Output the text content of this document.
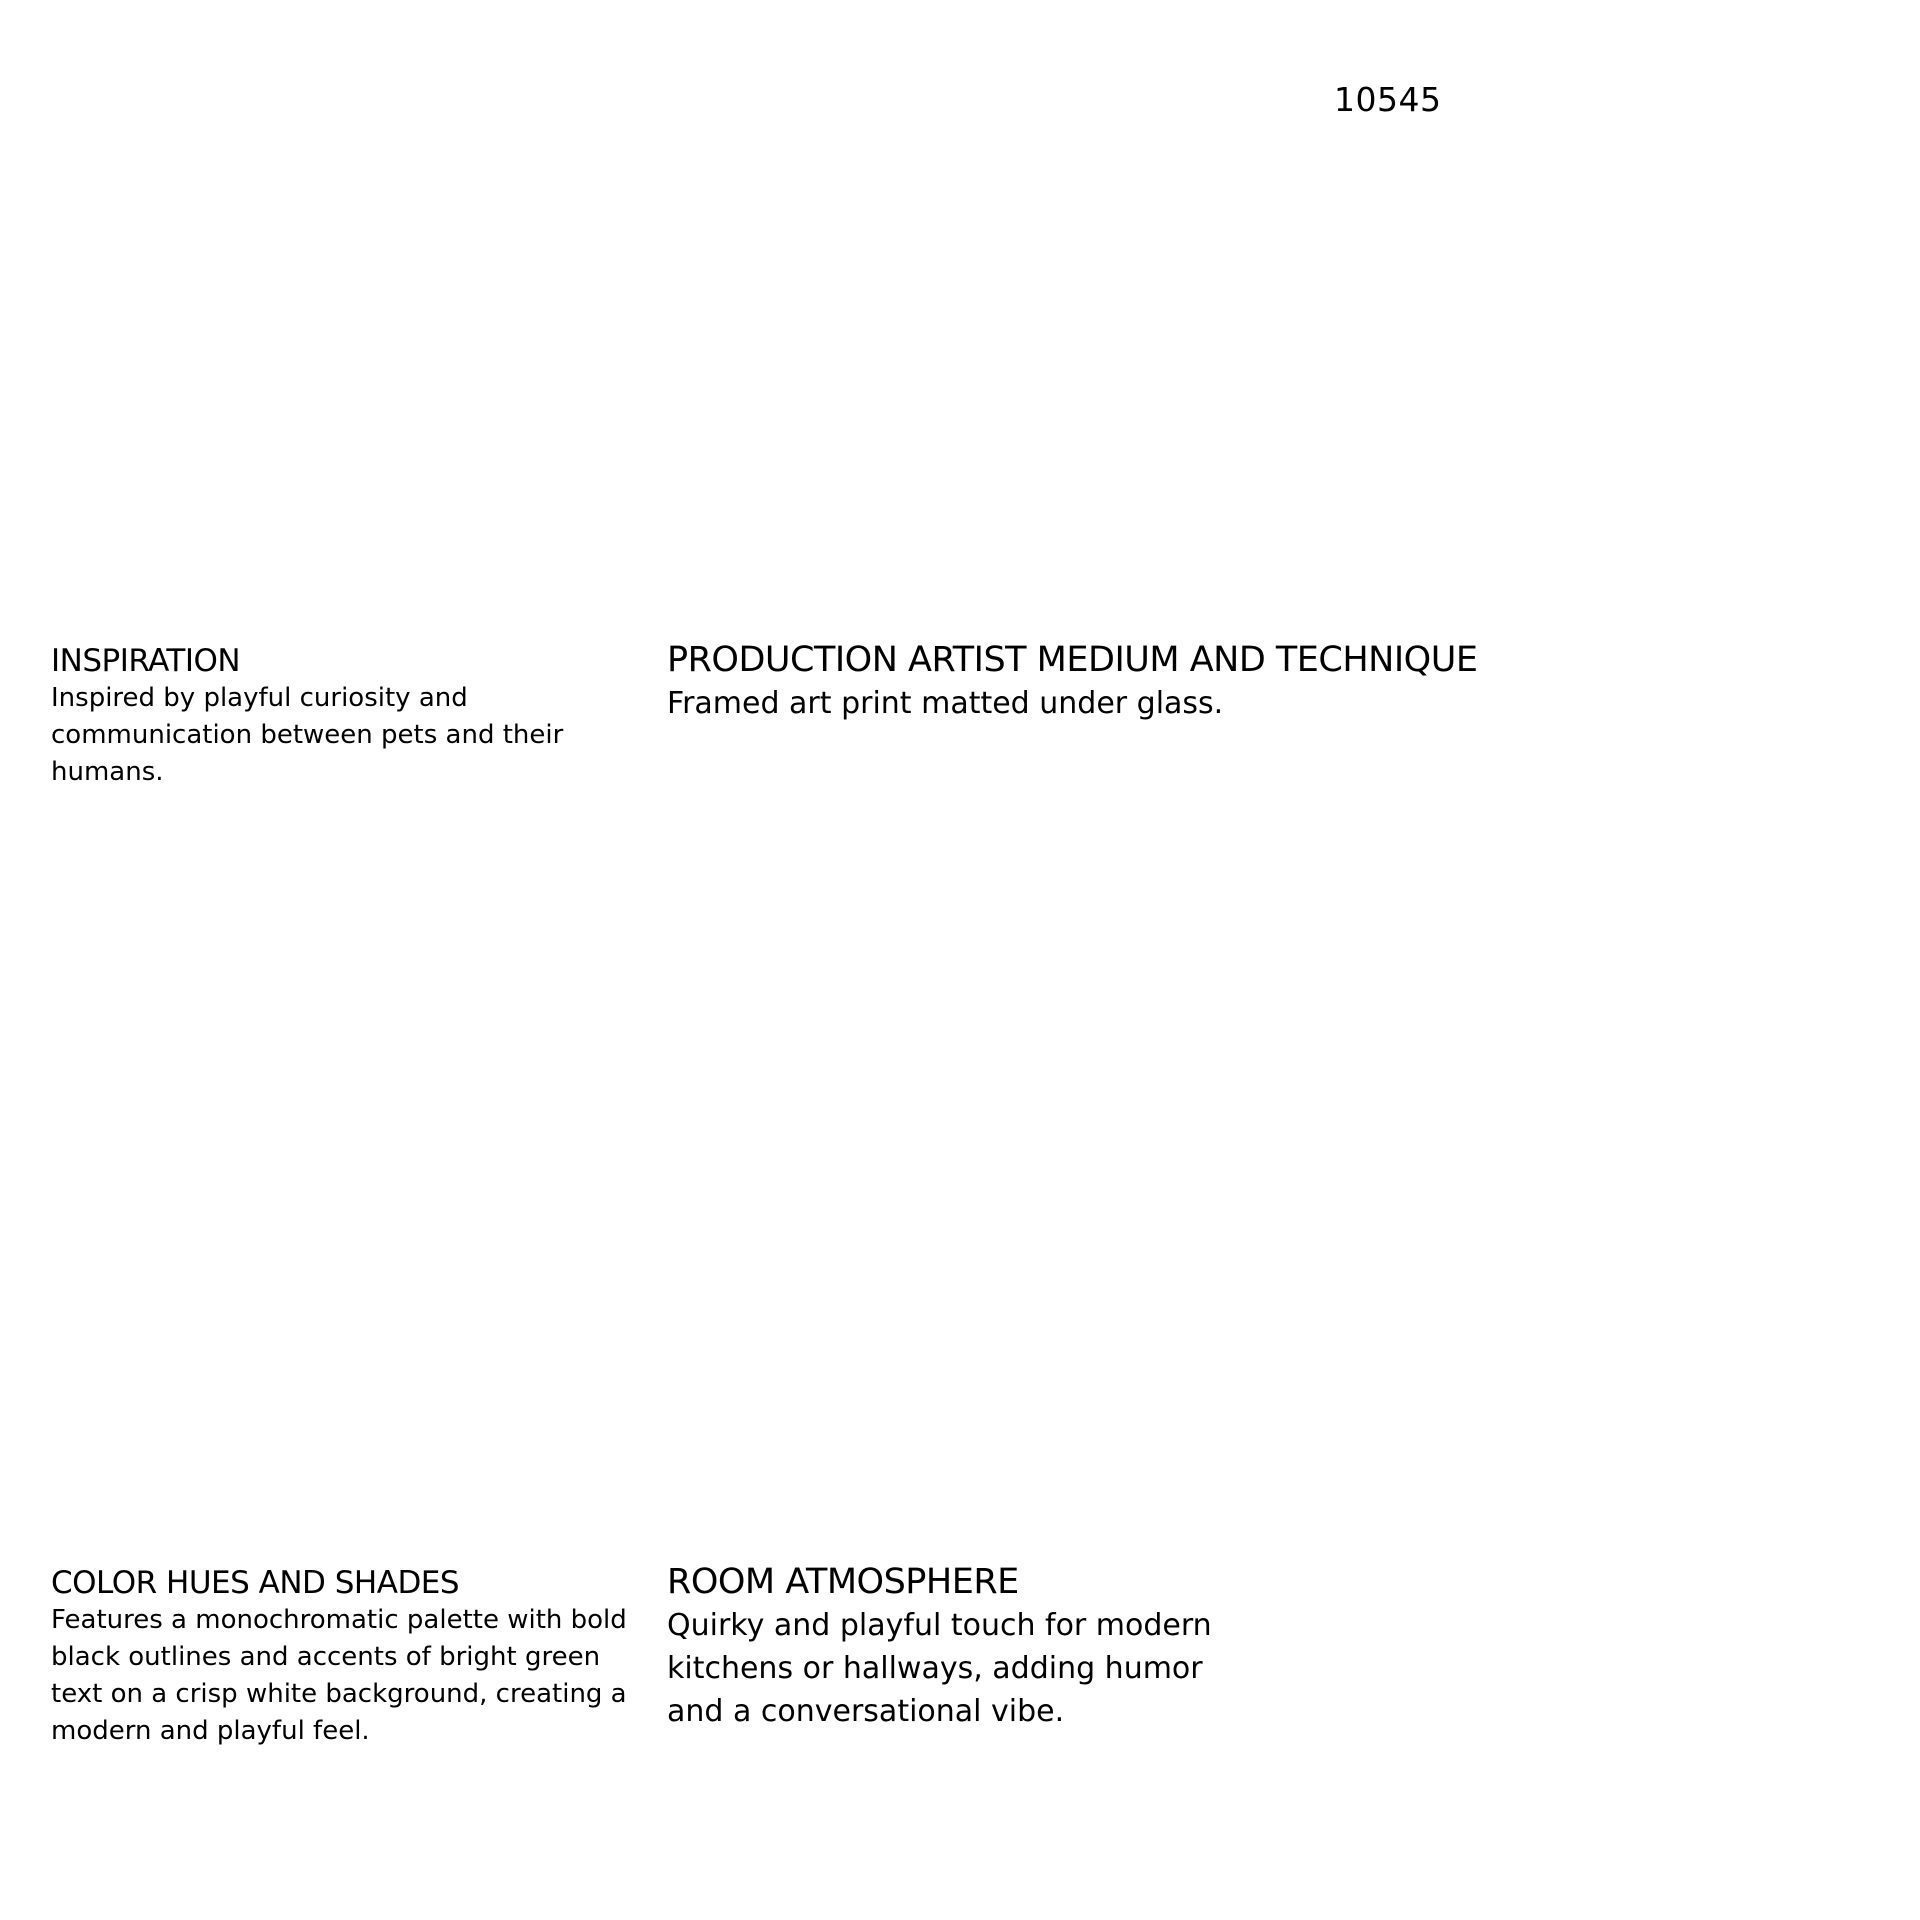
10545
INSPIRATION

Inspired by playful curiosity and communication between pets and their humans.

PRODUCTION ARTIST MEDIUM AND TECHNIQUE

Framed art print matted under glass.

COLOR HUES AND SHADES

Features a monochromatic palette with bold black outlines and accents of bright green text on a crisp white background, creating a modern and playful feel.

ROOM ATMOSPHERE

Quirky and playful touch for modern kitchens or hallways, adding humor and a conversational vibe.
